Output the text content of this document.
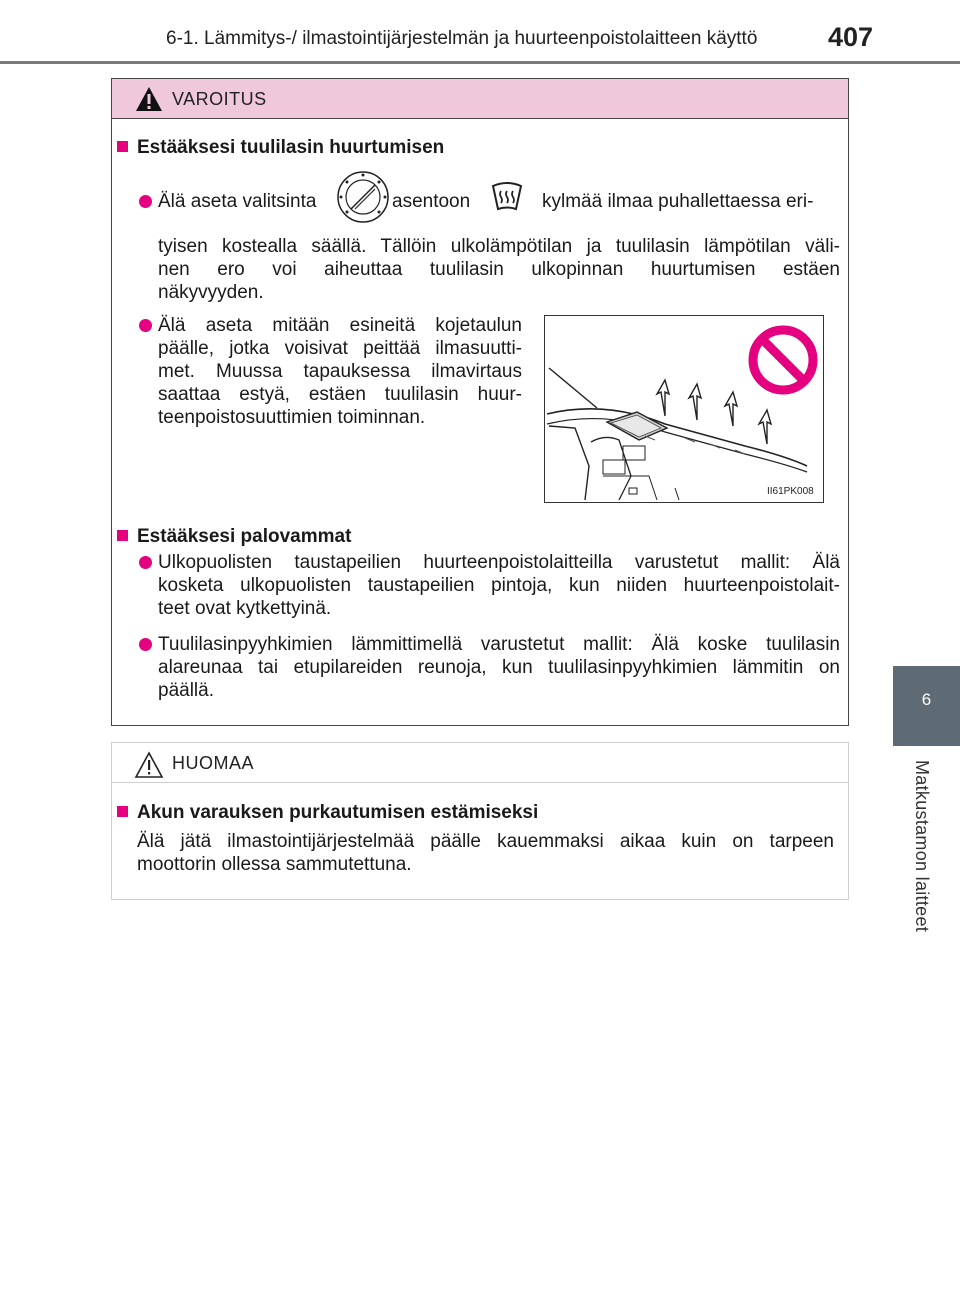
6-1. Lämmitys-/ ilmastointijärjestelmän ja huurteenpoistolaitteen käyttö	407
6
Matkustamon laitteet
VAROITUS
Estääksesi tuulilasin huurtumisen
Älä aseta valitsinta	asentoon	kylmää ilmaa puhallettaessa eri-
tyisen kostealla säällä. Tällöin ulkolämpötilan ja tuulilasin lämpötilan väli-
nen ero voi aiheuttaa tuulilasin ulkopinnan huurtumisen estäen
näkyvyyden.
Älä aseta mitään esineitä kojetaulun
päälle, jotka voisivat peittää ilmasuutti-
met. Muussa tapauksessa ilmavirtaus
saattaa estyä, estäen tuulilasin huur-
teenpoistosuuttimien toiminnan.
II61PK008
Estääksesi palovammat
Ulkopuolisten taustapeilien huurteenpoistolaitteilla varustetut mallit: Älä
kosketa ulkopuolisten taustapeilien pintoja, kun niiden huurteenpoistolait-
teet ovat kytkettyinä.
Tuulilasinpyyhkimien lämmittimellä varustetut mallit: Älä koske tuulilasin
alareunaa tai etupilareiden reunoja, kun tuulilasinpyyhkimien lämmitin on
päällä.
HUOMAA
Akun varauksen purkautumisen estämiseksi
Älä jätä ilmastointijärjestelmää päälle kauemmaksi aikaa kuin on tarpeen
moottorin ollessa sammutettuna.
